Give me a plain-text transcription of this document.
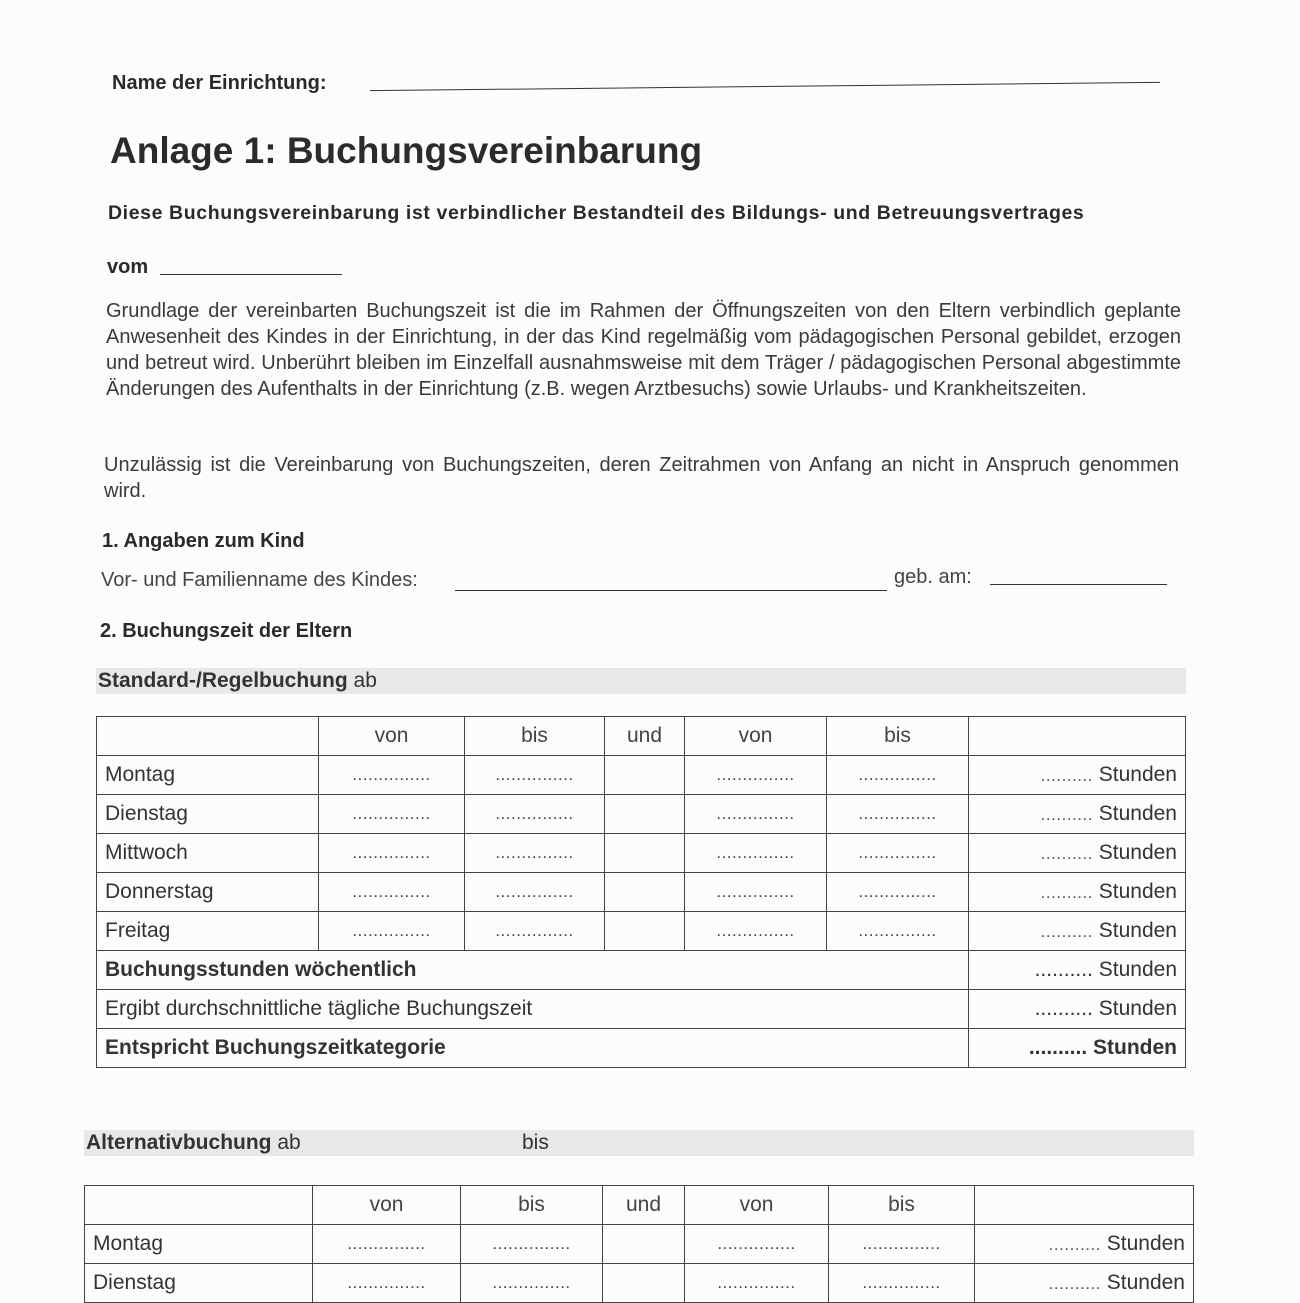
Name der Einrichtung:
Anlage 1: Buchungsvereinbarung
Diese Buchungsvereinbarung ist verbindlicher Bestandteil des Bildungs- und Betreuungsvertrages
vom
Grundlage der vereinbarten Buchungszeit ist die im Rahmen der Öffnungszeiten von den Eltern verbindlich geplante Anwesenheit des Kindes in der Einrichtung, in der das Kind regelmäßig vom pädagogischen Personal gebildet, erzogen und betreut wird. Unberührt bleiben im Einzelfall ausnahmsweise mit dem Träger / pädagogischen Personal abgestimmte Änderungen des Aufenthalts in der Einrichtung (z.B. wegen Arztbesuchs) sowie Urlaubs- und Krankheitszeiten.
Unzulässig ist die Vereinbarung von Buchungszeiten, deren Zeitrahmen von Anfang an nicht in Anspruch genommen wird.
1. Angaben zum Kind
Vor- und Familienname des Kindes:	geb. am:
2. Buchungszeit der Eltern
Standard-/Regelbuchung ab
	von	bis	und	von	bis	
Montag	...............	...............		...............	...............	.......... Stunden
Dienstag	...............	...............		...............	...............	.......... Stunden
Mittwoch	...............	...............		...............	...............	.......... Stunden
Donnerstag	...............	...............		...............	...............	.......... Stunden
Freitag	...............	...............		...............	...............	.......... Stunden
Buchungsstunden wöchentlich						.......... Stunden
Ergibt durchschnittliche tägliche Buchungszeit						.......... Stunden
Entspricht Buchungszeitkategorie						.......... Stunden
Alternativbuchung ab	bis
	von	bis	und	von	bis	
Montag	...............	...............		...............	...............	.......... Stunden
Dienstag	...............	...............		...............	...............	.......... Stunden
